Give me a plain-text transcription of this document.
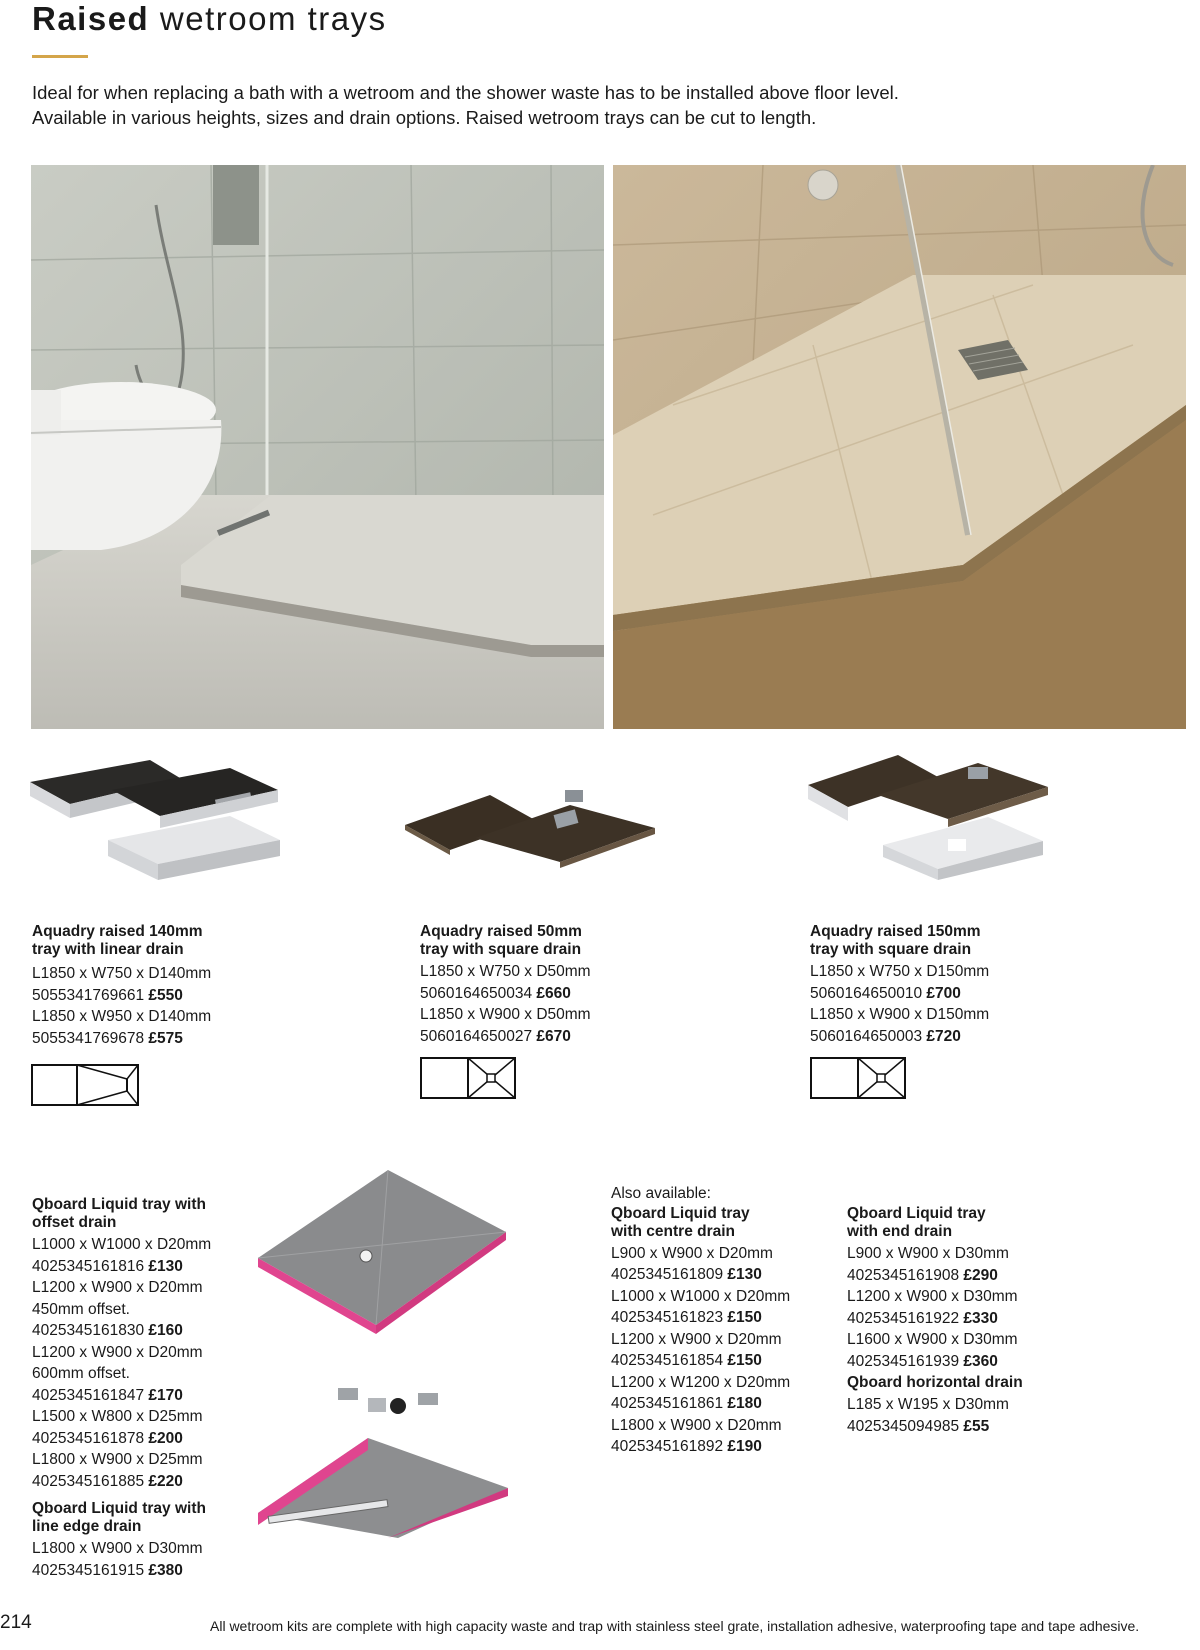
Raised wetroom trays
Ideal for when replacing a bath with a wetroom and the shower waste has to be installed above floor level.
Available in various heights, sizes and drain options. Raised wetroom trays can be cut to length.
Aquadry raised 140mm
tray with linear drain
L1850 x W750 x D140mm
5055341769661 £550
L1850 x W950 x D140mm
5055341769678 £575
Aquadry raised 50mm
tray with square drain
L1850 x W750 x D50mm
5060164650034 £660
L1850 x W900 x D50mm
5060164650027 £670
Aquadry raised 150mm
tray with square drain
L1850 x W750 x D150mm
5060164650010 £700
L1850 x W900 x D150mm
5060164650003 £720
Qboard Liquid tray with
offset drain
L1000 x W1000 x D20mm
4025345161816 £130
L1200 x W900 x D20mm
450mm offset.
4025345161830 £160
L1200 x W900 x D20mm
600mm offset.
4025345161847 £170
L1500 x W800 x D25mm
4025345161878 £200
L1800 x W900 x D25mm
4025345161885 £220
Qboard Liquid tray with
line edge drain
L1800 x W900 x D30mm
4025345161915 £380
Also available:
Qboard Liquid tray
with centre drain
L900 x W900 x D20mm
4025345161809 £130
L1000 x W1000 x D20mm
4025345161823 £150
L1200 x W900 x D20mm
4025345161854 £150
L1200 x W1200 x D20mm
4025345161861 £180
L1800 x W900 x D20mm
4025345161892 £190
Qboard Liquid tray
with end drain
L900 x W900 x D30mm
4025345161908 £290
L1200 x W900 x D30mm
4025345161922 £330
L1600 x W900 x D30mm
4025345161939 £360
Qboard horizontal drain
L185 x W195 x D30mm
4025345094985 £55
214	All wetroom kits are complete with high capacity waste and trap with stainless steel grate, installation adhesive, waterproofing tape and tape adhesive.
